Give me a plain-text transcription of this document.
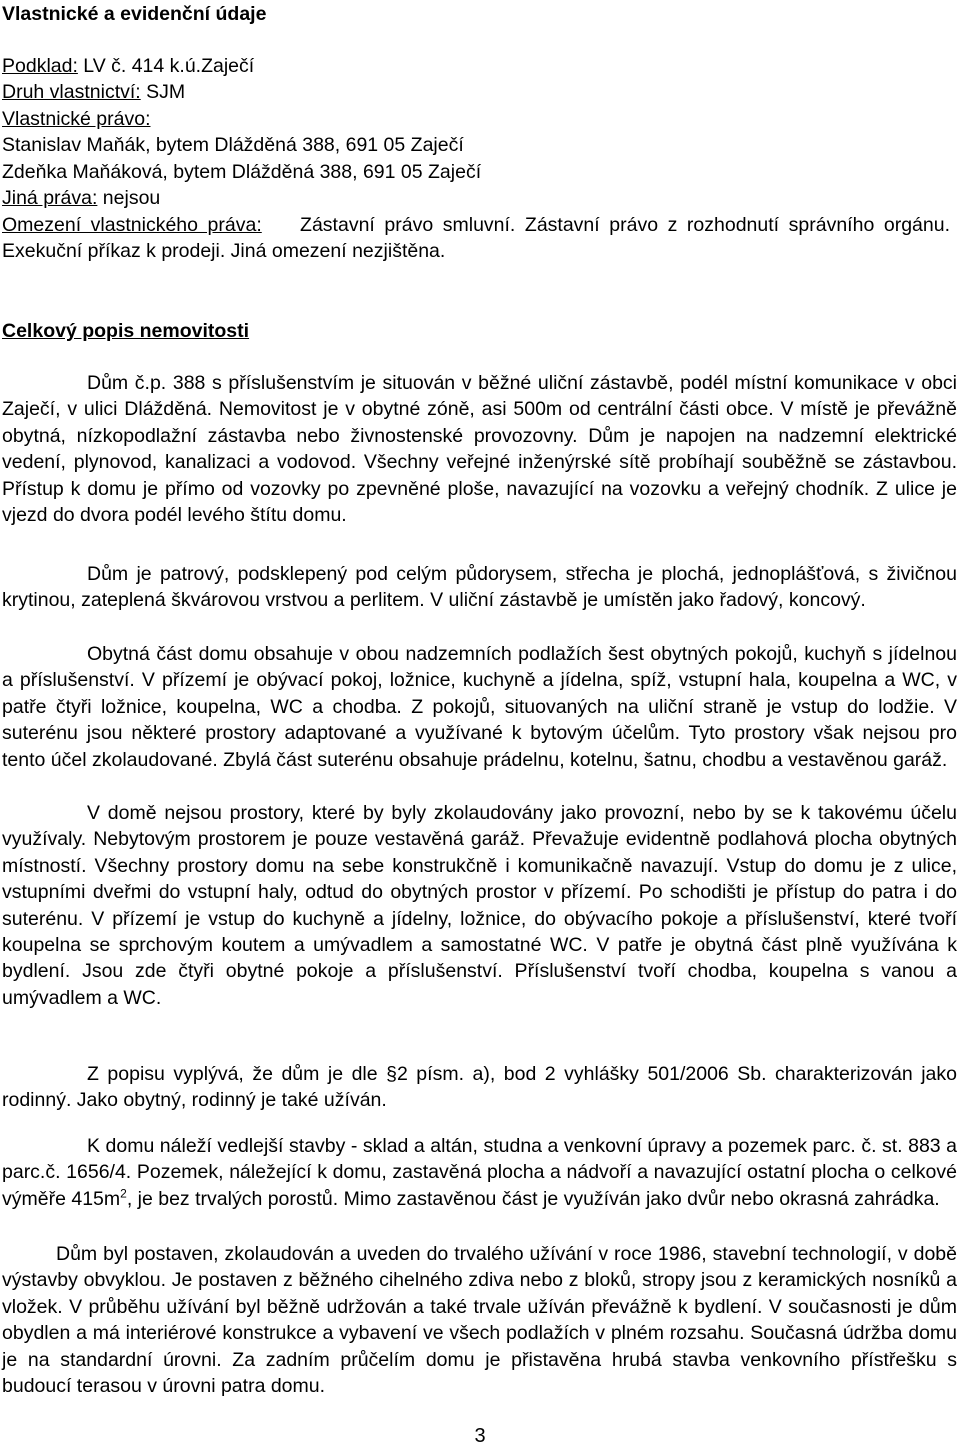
Vlastnické a evidenční údaje
Podklad: LV č. 414 k.ú.Zaječí
Druh vlastnictví: SJM
Vlastnické právo:
Stanislav Maňák, bytem Dlážděná 388, 691 05 Zaječí
Zdeňka Maňáková, bytem Dlážděná 388, 691 05 Zaječí
Jiná práva: nejsou
Omezení vlastnického práva: Zástavní právo smluvní. Zástavní právo z rozhodnutí správního orgánu. Exekuční příkaz k prodeji. Jiná omezení nezjištěna.
Celkový popis nemovitosti

Dům č.p. 388 s příslušenstvím je situován v běžné uliční zástavbě, podél místní komunikace v obci Zaječí, v ulici Dlážděná. Nemovitost je v obytné zóně, asi 500m od centrální části obce. V místě je převážně obytná, nízkopodlažní zástavba nebo živnostenské provozovny. Dům je napojen na nadzemní elektrické vedení, plynovod, kanalizaci a vodovod. Všechny veřejné inženýrské sítě probíhají souběžně se zástavbou. Přístup k domu je přímo od vozovky po zpevněné ploše, navazující na vozovku a veřejný chodník. Z ulice je vjezd do dvora podél levého štítu domu.

Dům je patrový, podsklepený pod celým půdorysem, střecha je plochá, jednoplášťová, s živičnou krytinou, zateplená škvárovou vrstvou a perlitem. V uliční zástavbě je umístěn jako řadový, koncový.

Obytná část domu obsahuje v obou nadzemních podlažích šest obytných pokojů, kuchyň s jídelnou a příslušenství. V přízemí je obývací pokoj, ložnice, kuchyně a jídelna, spíž, vstupní hala, koupelna a WC, v patře čtyři ložnice, koupelna, WC a chodba. Z pokojů, situovaných na uliční straně je vstup do lodžie. V suterénu jsou některé prostory adaptované a využívané k bytovým účelům. Tyto prostory však nejsou pro tento účel zkolaudované. Zbylá část suterénu obsahuje prádelnu, kotelnu, šatnu, chodbu a vestavěnou garáž.

V domě nejsou prostory, které by byly zkolaudovány jako provozní, nebo by se k takovému účelu využívaly. Nebytovým prostorem je pouze vestavěná garáž. Převažuje evidentně podlahová plocha obytných místností. Všechny prostory domu na sebe konstrukčně i komunikačně navazují. Vstup do domu je z ulice, vstupními dveřmi do vstupní haly, odtud do obytných prostor v přízemí. Po schodišti je přístup do patra i do suterénu. V přízemí je vstup do kuchyně a jídelny, ložnice, do obývacího pokoje a příslušenství, které tvoří koupelna se sprchovým koutem a umývadlem a samostatné WC. V patře je obytná část plně využívána k bydlení. Jsou zde čtyři obytné pokoje a příslušenství. Příslušenství tvoří chodba, koupelna s vanou a umývadlem a WC.

Z popisu vyplývá, že dům je dle §2 písm. a), bod 2 vyhlášky 501/2006 Sb. charakterizován jako rodinný. Jako obytný, rodinný je také užíván.

K domu náleží vedlejší stavby - sklad a altán, studna a venkovní úpravy a pozemek parc. č. st. 883 a parc.č. 1656/4. Pozemek, náležející k domu, zastavěná plocha a nádvoří a navazující ostatní plocha o celkové výměře $415m^2$, je bez trvalých porostů. Mimo zastavěnou část je využíván jako dvůr nebo okrasná zahrádka.

Dům byl postaven, zkolaudován a uveden do trvalého užívání v roce 1986, stavební technologií, v době výstavby obvyklou. Je postaven z běžného cihelného zdiva nebo z bloků, stropy jsou z keramických nosníků a vložek. V průběhu užívání byl běžně udržován a také trvale užíván převážně k bydlení. V současnosti je dům obydlen a má interiérové konstrukce a vybavení ve všech podlažích v plném rozsahu. Současná údržba domu je na standardní úrovni. Za zadním průčelím domu je přistavěna hrubá stavba venkovního přístřešku s budoucí terasou v úrovni patra domu.

3
